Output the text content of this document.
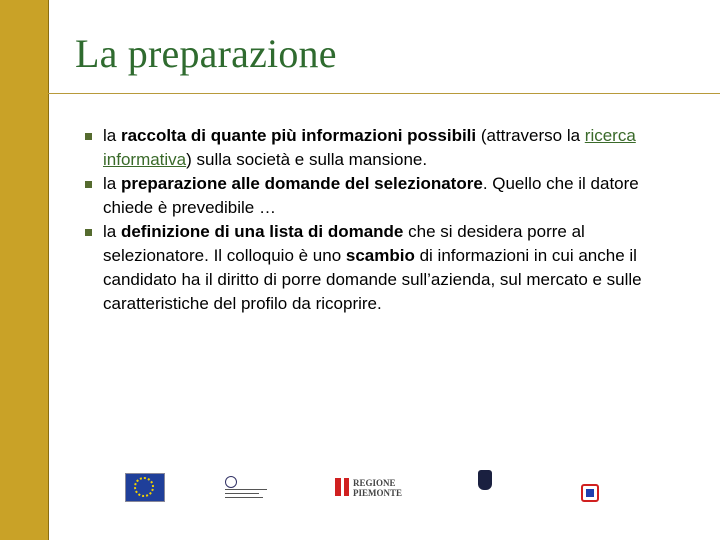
La preparazione
la raccolta di quante più informazioni possibili (attraverso la ricerca informativa) sulla società e sulla mansione.
la preparazione alle domande del selezionatore. Quello che il datore chiede è prevedibile …
la definizione di una lista di domande che si desidera porre al selezionatore. Il colloquio è uno scambio di informazioni in cui anche il candidato ha il diritto di porre domande sull’azienda, sul mercato e sulle caratteristiche del profilo da ricoprire.
REGIONE PIEMONTE
